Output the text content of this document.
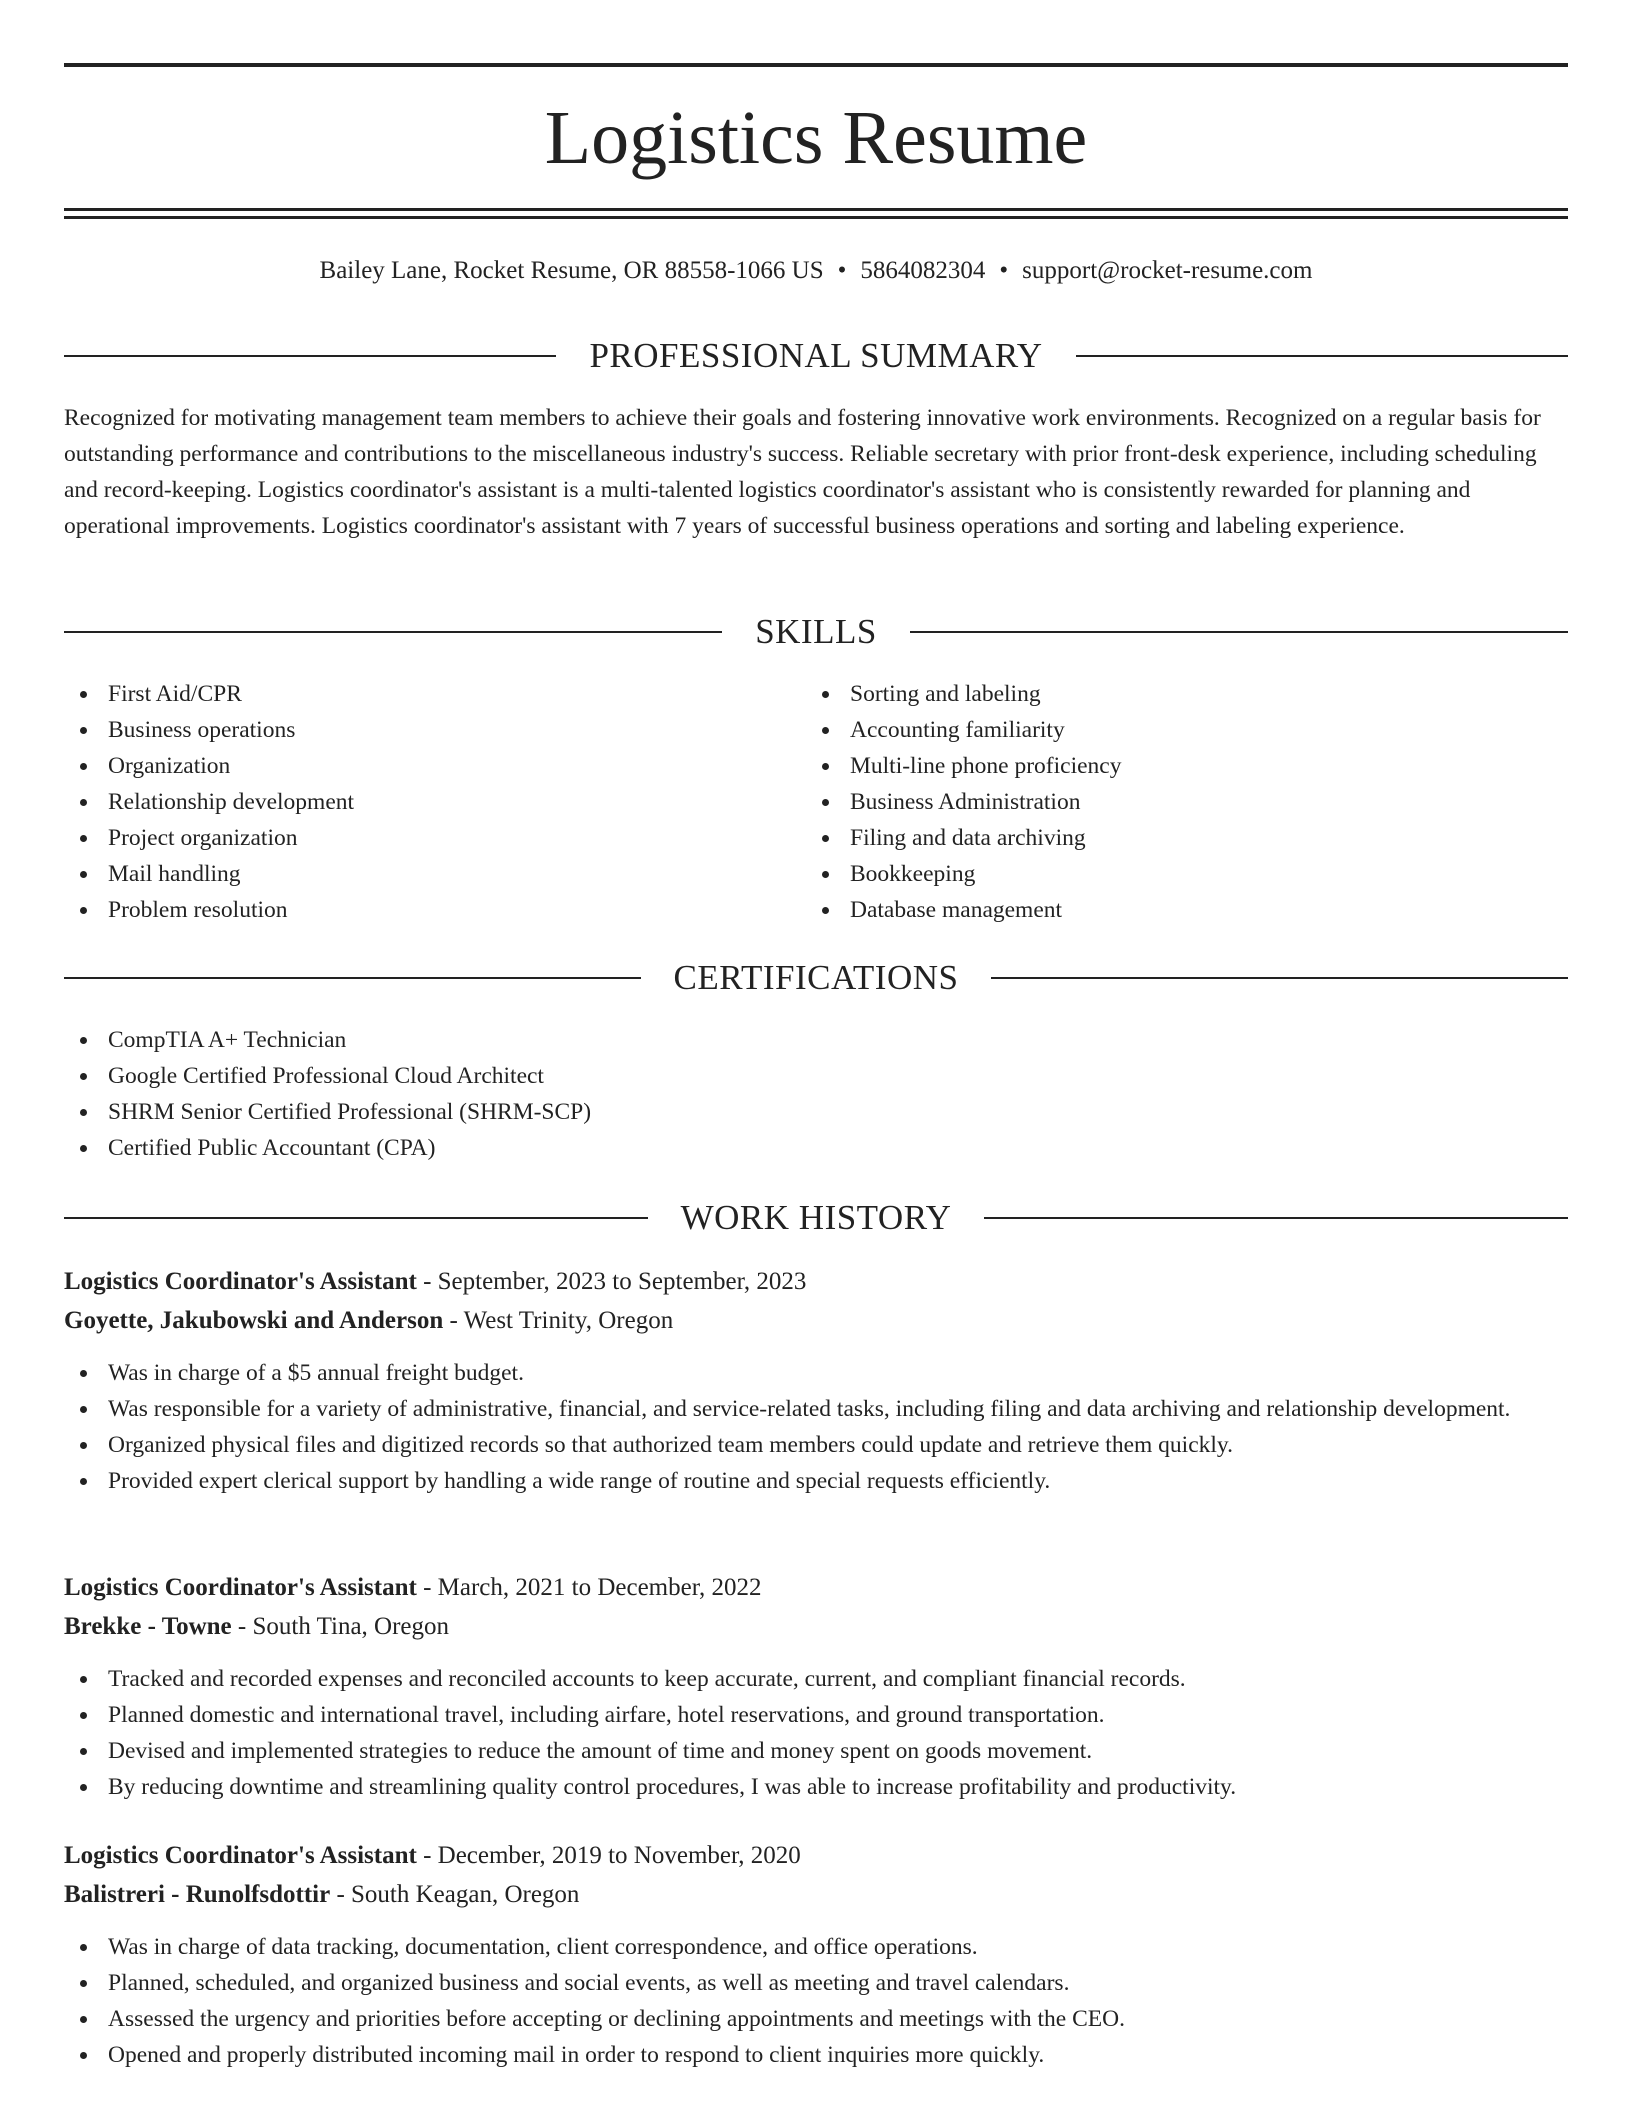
Logistics Resume
Bailey Lane, Rocket Resume, OR 88558-1066 US • 5864082304 • support@rocket-resume.com
PROFESSIONAL SUMMARY

Recognized for motivating management team members to achieve their goals and fostering innovative work environments. Recognized on a regular basis for outstanding performance and contributions to the miscellaneous industry's success. Reliable secretary with prior front-desk experience, including scheduling and record-keeping. Logistics coordinator's assistant is a multi-talented logistics coordinator's assistant who is consistently rewarded for planning and operational improvements. Logistics coordinator's assistant with 7 years of successful business operations and sorting and labeling experience.

SKILLS
First Aid/CPR
Business operations
Organization
Relationship development
Project organization
Mail handling
Problem resolution
Sorting and labeling
Accounting familiarity
Multi-line phone proficiency
Business Administration
Filing and data archiving
Bookkeeping
Database management
CERTIFICATIONS
CompTIA A+ Technician
Google Certified Professional Cloud Architect
SHRM Senior Certified Professional (SHRM-SCP)
Certified Public Accountant (CPA)
WORK HISTORY
Logistics Coordinator's Assistant - September, 2023 to September, 2023
Goyette, Jakubowski and Anderson - West Trinity, Oregon
Was in charge of a $5 annual freight budget.
Was responsible for a variety of administrative, financial, and service-related tasks, including filing and data archiving and relationship development.
Organized physical files and digitized records so that authorized team members could update and retrieve them quickly.
Provided expert clerical support by handling a wide range of routine and special requests efficiently.
Logistics Coordinator's Assistant - March, 2021 to December, 2022
Brekke - Towne - South Tina, Oregon
Tracked and recorded expenses and reconciled accounts to keep accurate, current, and compliant financial records.
Planned domestic and international travel, including airfare, hotel reservations, and ground transportation.
Devised and implemented strategies to reduce the amount of time and money spent on goods movement.
By reducing downtime and streamlining quality control procedures, I was able to increase profitability and productivity.
Logistics Coordinator's Assistant - December, 2019 to November, 2020
Balistreri - Runolfsdottir - South Keagan, Oregon
Was in charge of data tracking, documentation, client correspondence, and office operations.
Planned, scheduled, and organized business and social events, as well as meeting and travel calendars.
Assessed the urgency and priorities before accepting or declining appointments and meetings with the CEO.
Opened and properly distributed incoming mail in order to respond to client inquiries more quickly.
